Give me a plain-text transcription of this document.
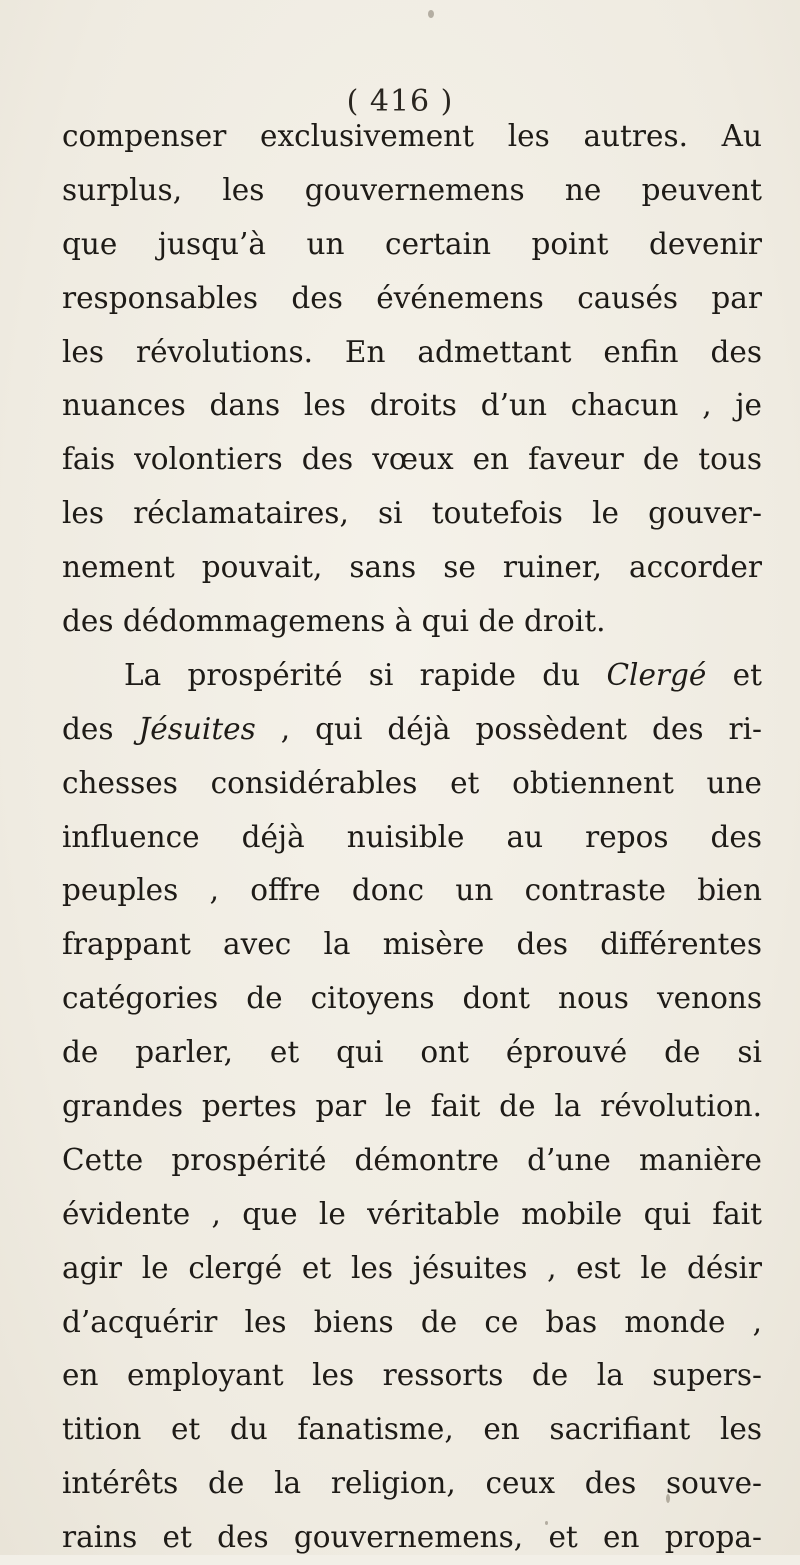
( 416 )
compenser exclusivement les autres. Au
surplus, les gouvernemens ne peuvent
que jusqu’à un certain point devenir
responsables des événemens causés par
les révolutions. En admettant enfin des
nuances dans les droits d’un chacun , je
fais volontiers des vœux en faveur de tous
les réclamataires, si toutefois le gouver-
nement pouvait, sans se ruiner, accorder
des dédommagemens à qui de droit.
La prospérité si rapide du Clergé et
des Jésuites , qui déjà possèdent des ri-
chesses considérables et obtiennent une
influence déjà nuisible au repos des
peuples , offre donc un contraste bien
frappant avec la misère des différentes
catégories de citoyens dont nous venons
de parler, et qui ont éprouvé de si
grandes pertes par le fait de la révolution.
Cette prospérité démontre d’une manière
évidente , que le véritable mobile qui fait
agir le clergé et les jésuites , est le désir
d’acquérir les biens de ce bas monde ,
en employant les ressorts de la supers-
tition et du fanatisme, en sacrifiant les
intérêts de la religion, ceux des souve-
rains et des gouvernemens, et en propa-
